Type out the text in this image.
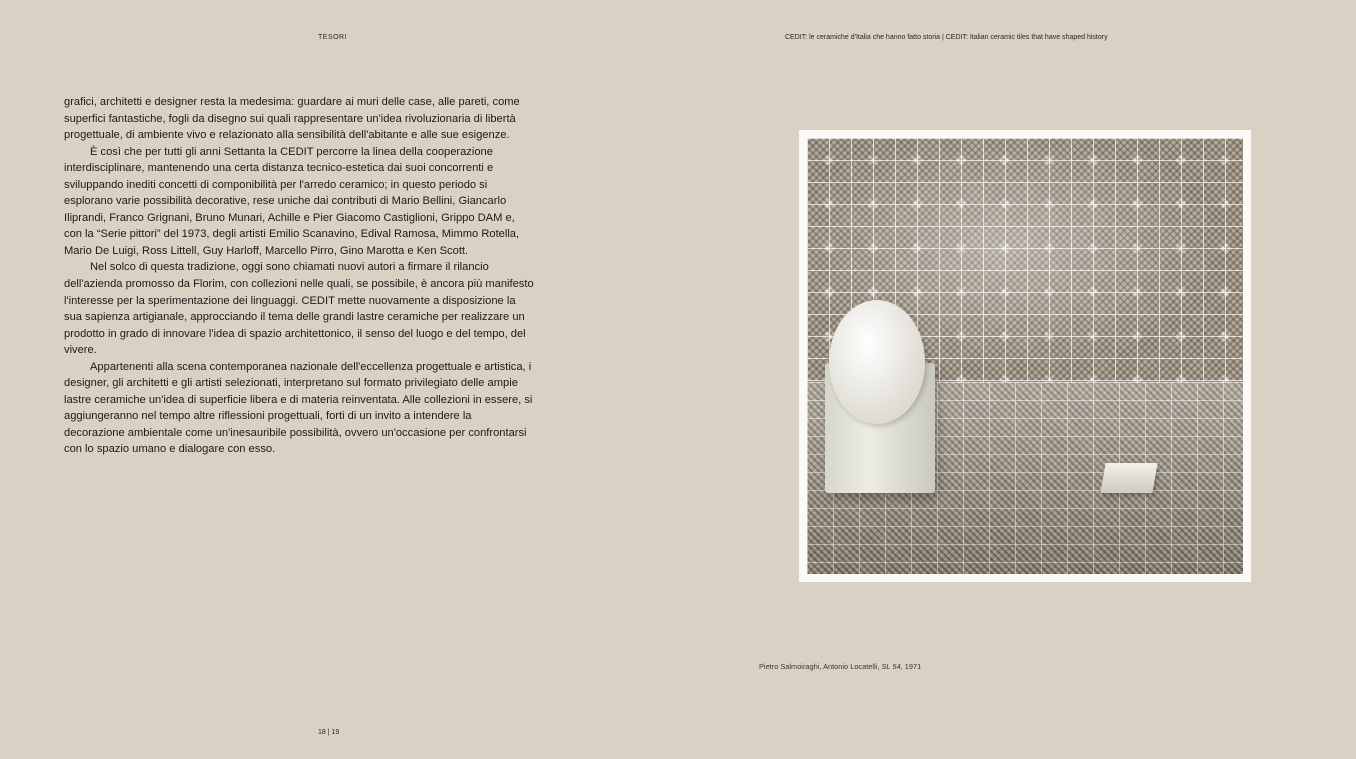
TESORI	CEDIT: le ceramiche d'Italia che hanno fatto storia | CEDIT: Italian ceramic tiles that have shaped history

grafici, architetti e designer resta la medesima: guardare ai muri delle case, alle pareti, come superfici fantastiche, fogli da disegno sui quali rappresentare un'idea rivoluzionaria di libertà progettuale, di ambiente vivo e relazionato alla sensibilità dell'abitante e alle sue esigenze.

È così che per tutti gli anni Settanta la CEDIT percorre la linea della cooperazione interdisciplinare, mantenendo una certa distanza tecnico-estetica dai suoi concorrenti e sviluppando inediti concetti di componibilità per l'arredo ceramico; in questo periodo si esplorano varie possibilità decorative, rese uniche dai contributi di Mario Bellini, Giancarlo Iliprandi, Franco Grignani, Bruno Munari, Achille e Pier Giacomo Castiglioni, Grippo DAM e, con la “Serie pittori” del 1973, degli artisti Emilio Scanavino, Edival Ramosa, Mimmo Rotella, Mario De Luigi, Ross Littell, Guy Harloff, Marcello Pirro, Gino Marotta e Ken Scott.

Nel solco di questa tradizione, oggi sono chiamati nuovi autori a firmare il rilancio dell'azienda promosso da Florim, con collezioni nelle quali, se possibile, è ancora più manifesto l'interesse per la sperimentazione dei linguaggi. CEDIT mette nuovamente a disposizione la sua sapienza artigianale, approcciando il tema delle grandi lastre ceramiche per realizzare un prodotto in grado di innovare l'idea di spazio architettonico, il senso del luogo e del tempo, del vivere.

Appartenenti alla scena contemporanea nazionale dell'eccellenza progettuale e artistica, i designer, gli architetti e gli artisti selezionati, interpretano sul formato privilegiato delle ampie lastre ceramiche un'idea di superficie libera e di materia reinventata. Alle collezioni in essere, si aggiungeranno nel tempo altre riflessioni progettuali, forti di un invito a intendere la decorazione ambientale come un'inesauribile possibilità, ovvero un'occasione per confrontarsi con lo spazio umano e dialogare con esso.

Pietro Salmoiraghi, Antonio Locatelli, SL 54, 1971
18 | 19
